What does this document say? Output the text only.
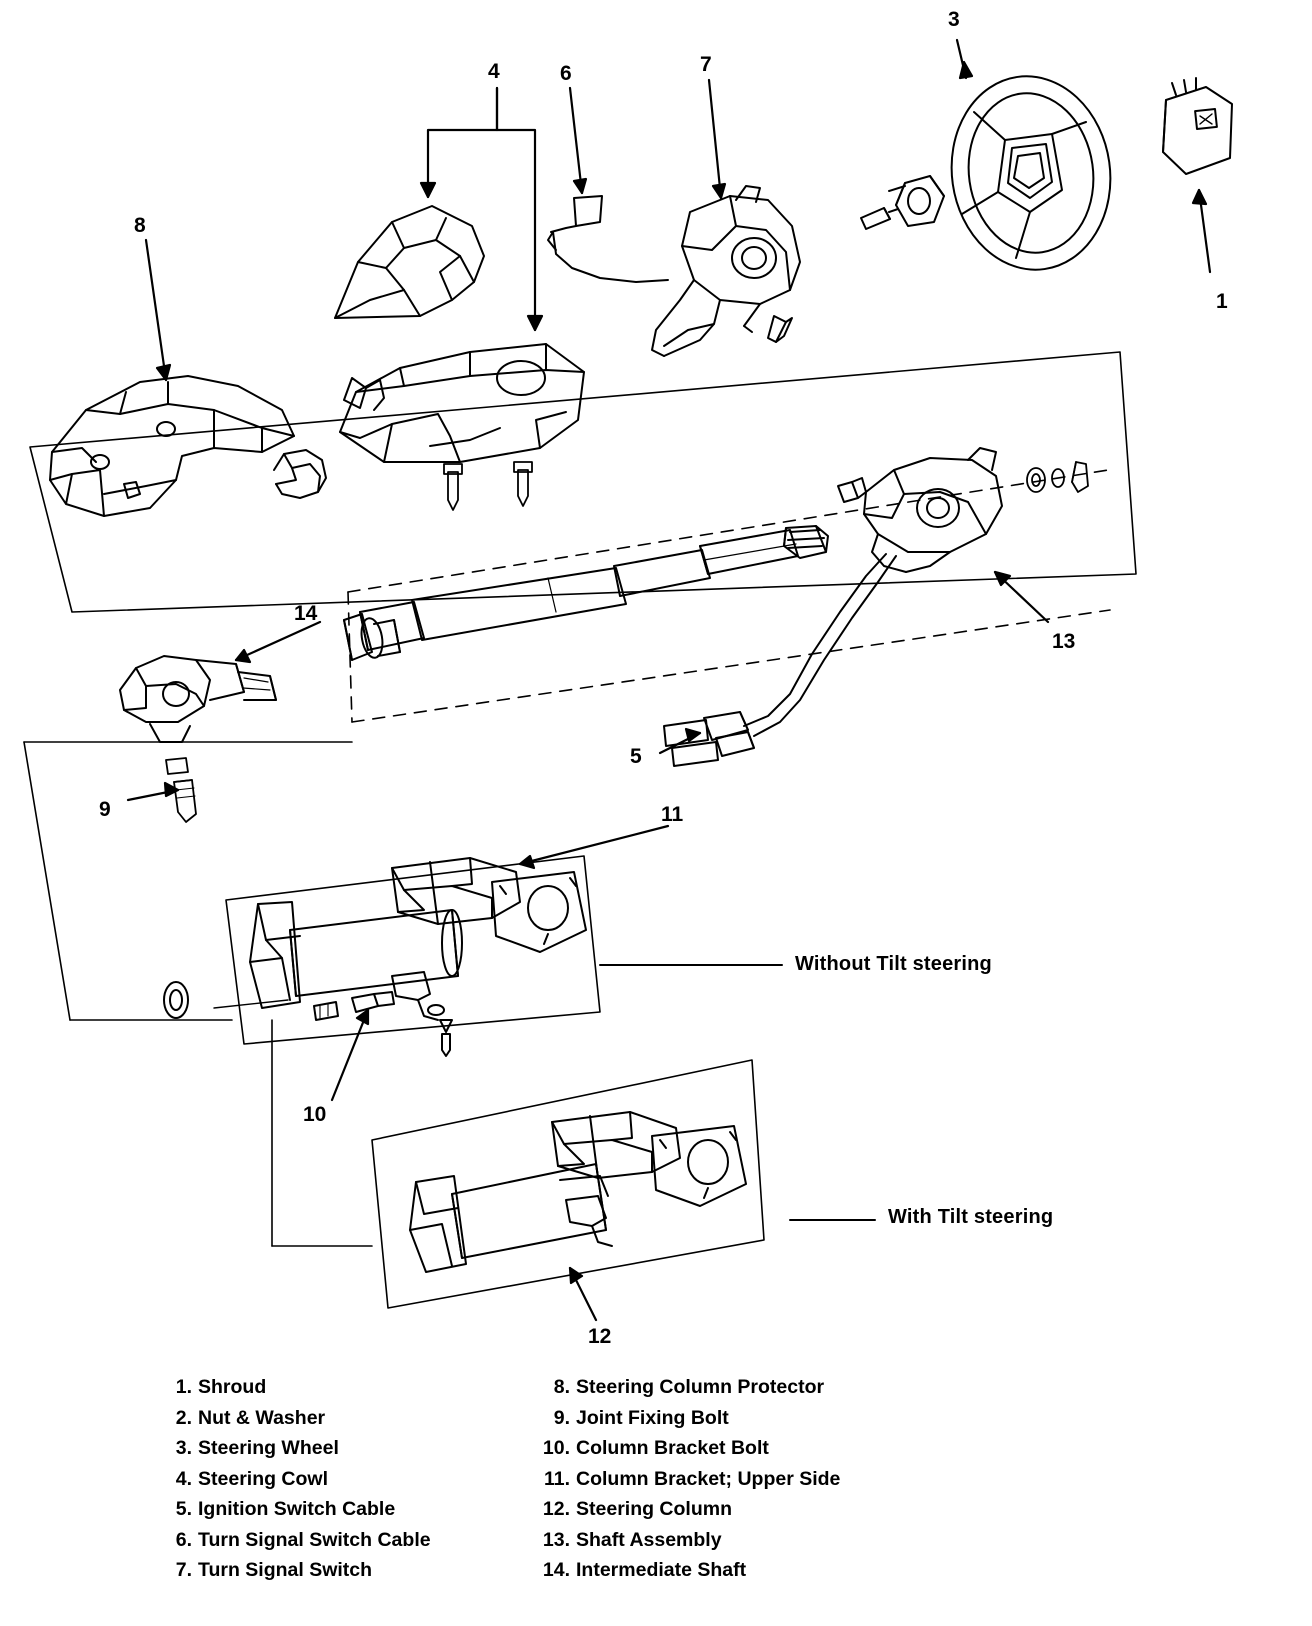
1
3
4
5
6	7
8
9
10
11
12
13
14
Without Tilt steering
With Tilt steering
1. Shroud
2. Nut & Washer
3. Steering Wheel
4. Steering Cowl
5. Ignition Switch Cable
6. Turn Signal Switch Cable
7. Turn Signal Switch
8. Steering Column Protector
9. Joint Fixing Bolt
10. Column Bracket Bolt
11. Column Bracket; Upper Side
12. Steering Column
13. Shaft Assembly
14. Intermediate Shaft
